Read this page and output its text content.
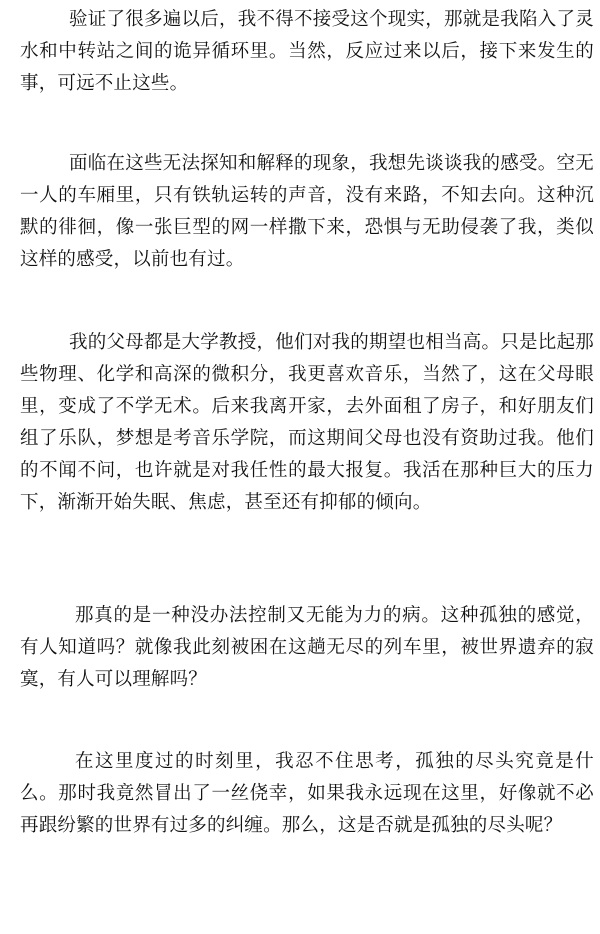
验证了很多遍以后，我不得不接受这个现实，那就是我陷入了灵水和中转站之间的诡异循环里。当然，反应过来以后，接下来发生的事，可远不止这些。

面临在这些无法探知和解释的现象，我想先谈谈我的感受。空无一人的车厢里，只有铁轨运转的声音，没有来路，不知去向。这种沉默的徘徊，像一张巨型的网一样撒下来，恐惧与无助侵袭了我，类似这样的感受，以前也有过。

我的父母都是大学教授，他们对我的期望也相当高。只是比起那些物理、化学和高深的微积分，我更喜欢音乐，当然了，这在父母眼里，变成了不学无术。后来我离开家，去外面租了房子，和好朋友们组了乐队，梦想是考音乐学院，而这期间父母也没有资助过我。他们的不闻不问，也许就是对我任性的最大报复。我活在那种巨大的压力下，渐渐开始失眠、焦虑，甚至还有抑郁的倾向。

那真的是一种没办法控制又无能为力的病。这种孤独的感觉，有人知道吗？就像我此刻被困在这趟无尽的列车里，被世界遗弃的寂寞，有人可以理解吗？

在这里度过的时刻里，我忍不住思考，孤独的尽头究竟是什么。那时我竟然冒出了一丝侥幸，如果我永远现在这里，好像就不必再跟纷繁的世界有过多的纠缠。那么，这是否就是孤独的尽头呢？
